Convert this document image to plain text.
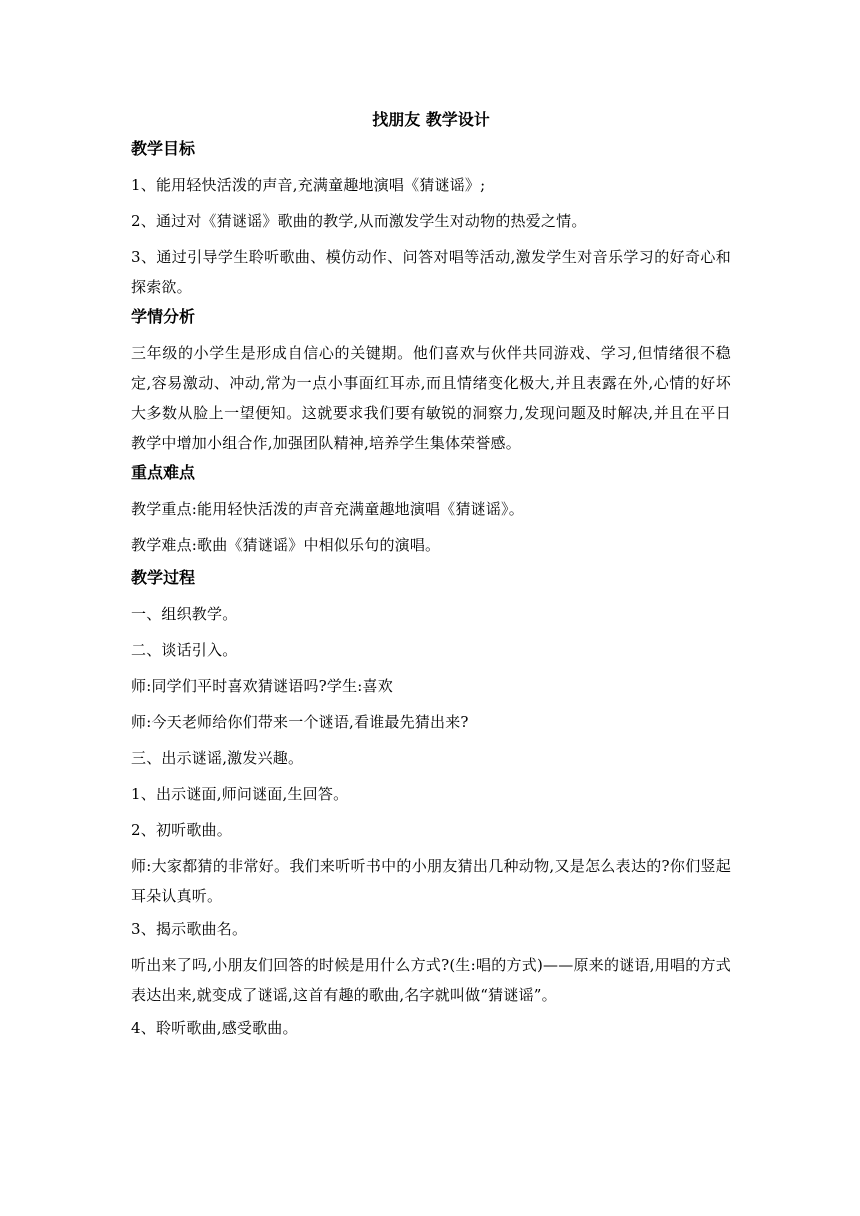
找朋友 教学设计
教学目标

1、能用轻快活泼的声音,充满童趣地演唱《猜谜谣》;

2、通过对《猜谜谣》歌曲的教学,从而激发学生对动物的热爱之情。

3、通过引导学生聆听歌曲、模仿动作、问答对唱等活动,激发学生对音乐学习的好奇心和探索欲。

学情分析

三年级的小学生是形成自信心的关键期。他们喜欢与伙伴共同游戏、学习,但情绪很不稳定,容易激动、冲动,常为一点小事面红耳赤,而且情绪变化极大,并且表露在外,心情的好坏大多数从脸上一望便知。这就要求我们要有敏锐的洞察力,发现问题及时解决,并且在平日教学中增加小组合作,加强团队精神,培养学生集体荣誉感。

重点难点

教学重点:能用轻快活泼的声音充满童趣地演唱《猜谜谣》。

教学难点:歌曲《猜谜谣》中相似乐句的演唱。

教学过程

一、组织教学。

二、谈话引入。

师:同学们平时喜欢猜谜语吗?学生:喜欢

师:今天老师给你们带来一个谜语,看谁最先猜出来?

三、出示谜谣,激发兴趣。

1、出示谜面,师问谜面,生回答。

2、初听歌曲。

师:大家都猜的非常好。我们来听听书中的小朋友猜出几种动物,又是怎么表达的?你们竖起耳朵认真听。

3、揭示歌曲名。

听出来了吗,小朋友们回答的时候是用什么方式?(生:唱的方式)——原来的谜语,用唱的方式表达出来,就变成了谜谣,这首有趣的歌曲,名字就叫做“猜谜谣”。

4、聆听歌曲,感受歌曲。
